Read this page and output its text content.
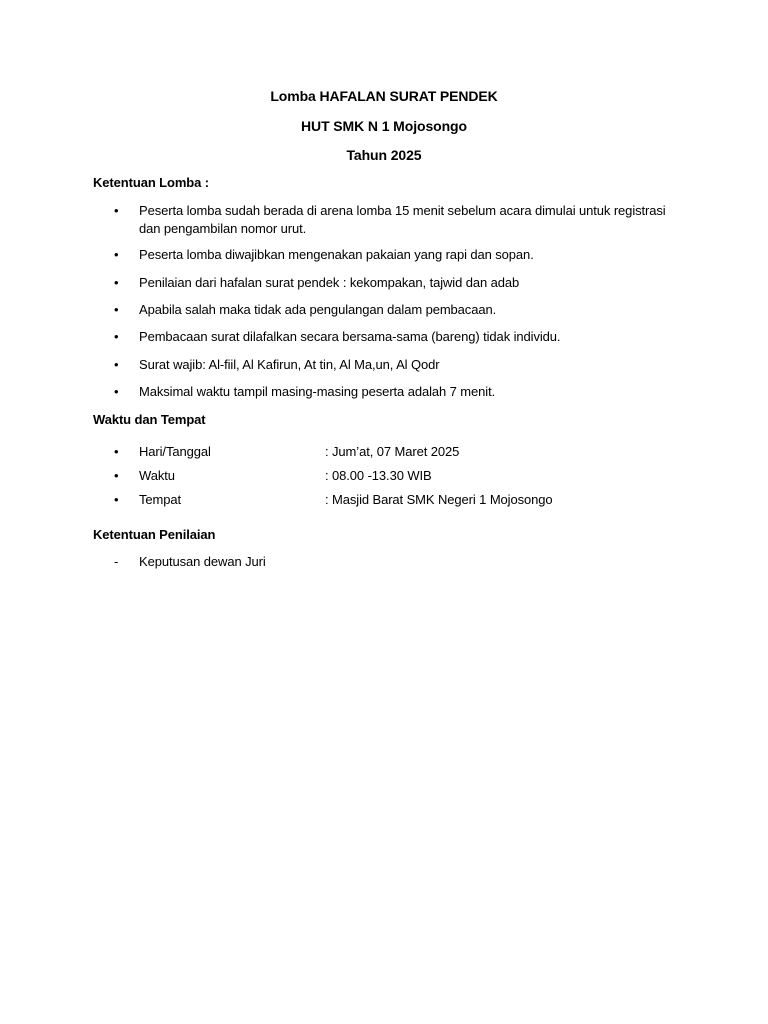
Lomba HAFALAN SURAT PENDEK
HUT SMK N 1 Mojosongo
Tahun 2025
Ketentuan Lomba :
•	Peserta lomba sudah berada di arena lomba 15 menit sebelum acara dimulai untuk registrasi dan pengambilan nomor urut.
•	Peserta lomba diwajibkan mengenakan pakaian yang rapi dan sopan.
•	Penilaian dari hafalan surat pendek : kekompakan, tajwid dan adab
•	Apabila salah maka tidak ada pengulangan dalam pembacaan.
•	Pembacaan surat dilafalkan secara bersama-sama (bareng) tidak individu.
•	Surat wajib: Al-fiil, Al Kafirun, At tin, Al Ma,un, Al Qodr
•	Maksimal waktu tampil masing-masing peserta adalah 7 menit.
Waktu dan Tempat
•	Hari/Tanggal	: Jum’at, 07 Maret 2025
•	Waktu	: 08.00 -13.30 WIB
•	Tempat	: Masjid Barat SMK Negeri 1 Mojosongo
Ketentuan Penilaian
-	Keputusan dewan Juri
